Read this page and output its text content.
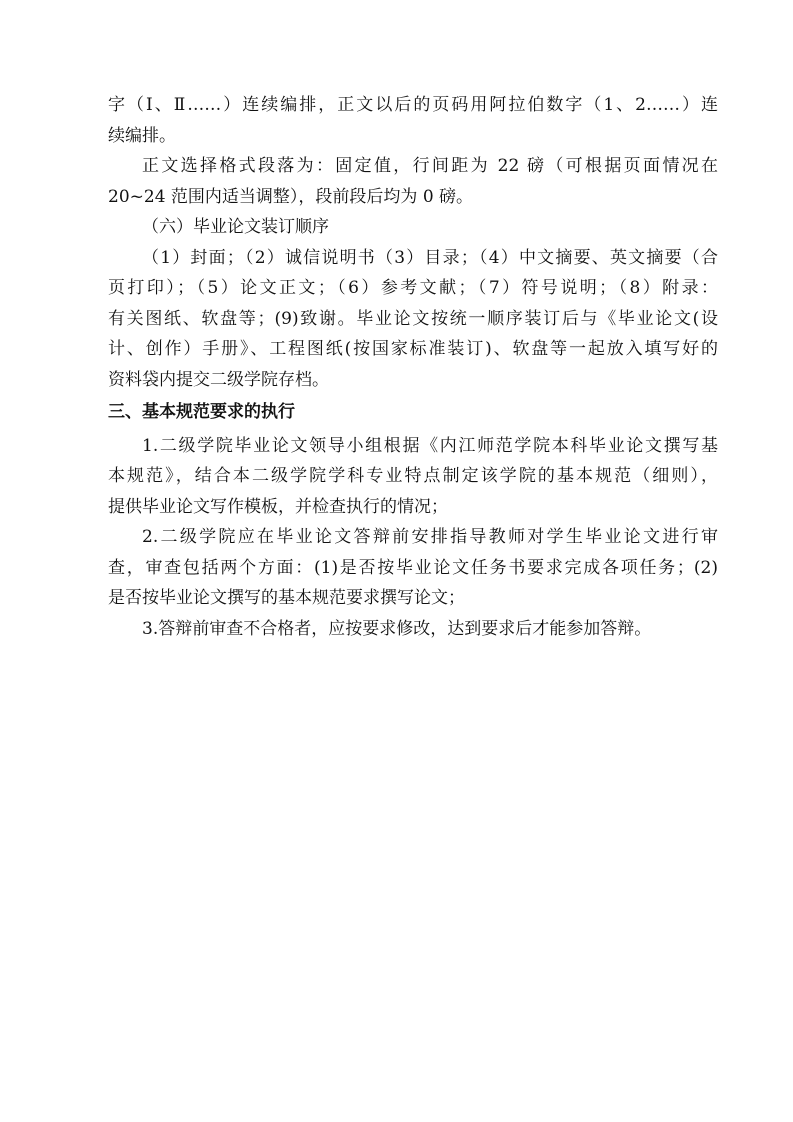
字（Ⅰ、Ⅱ……）连续编排，正文以后的页码用阿拉伯数字（1、2……）连
续编排。
正文选择格式段落为：固定值，行间距为 22 磅（可根据页面情况在
20~24 范围内适当调整），段前段后均为 0 磅。
（六）毕业论文装订顺序
（1）封面；（2）诚信说明书（3）目录；（4）中文摘要、英文摘要（合
页打印）；（5）论文正文；（6）参考文献；（7）符号说明；（8）附录：
有关图纸、软盘等；(9)致谢。毕业论文按统一顺序装订后与《毕业论文(设
计、创作）手册》、工程图纸(按国家标准装订)、软盘等一起放入填写好的
资料袋内提交二级学院存档。
三、基本规范要求的执行
1.二级学院毕业论文领导小组根据《内江师范学院本科毕业论文撰写基
本规范》，结合本二级学院学科专业特点制定该学院的基本规范（细则），
提供毕业论文写作模板，并检查执行的情况；
2.二级学院应在毕业论文答辩前安排指导教师对学生毕业论文进行审
查，审查包括两个方面：(1)是否按毕业论文任务书要求完成各项任务；(2)
是否按毕业论文撰写的基本规范要求撰写论文；
3.答辩前审查不合格者，应按要求修改，达到要求后才能参加答辩。
